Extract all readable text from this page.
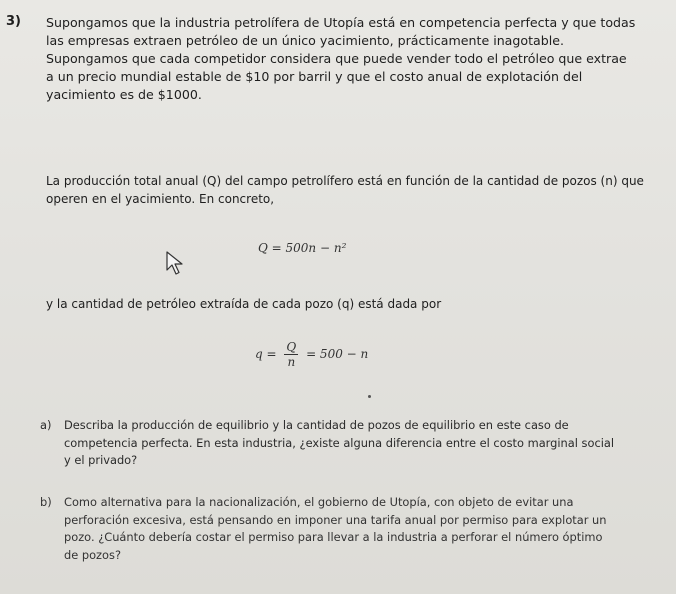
3) Supongamos que la industria petrolífera de Utopía está en competencia perfecta y que todas las empresas extraen petróleo de un único yacimiento, prácticamente inagotable. Supongamos que cada competidor considera que puede vender todo el petróleo que extrae a un precio mundial estable de $10 por barril y que el costo anual de explotación del yacimiento es de $1000.
La producción total anual (Q) del campo petrolífero está en función de la cantidad de pozos (n) que operen en el yacimiento. En concreto,
Q = 500n − n²
y la cantidad de petróleo extraída de cada pozo (q) está dada por
$q = \frac{Q}{n} = 500 - n$
a) Describa la producción de equilibrio y la cantidad de pozos de equilibrio en este caso de competencia perfecta. En esta industria, ¿existe alguna diferencia entre el costo marginal social y el privado?
b) Como alternativa para la nacionalización, el gobierno de Utopía, con objeto de evitar una perforación excesiva, está pensando en imponer una tarifa anual por permiso para explotar un pozo. ¿Cuánto debería costar el permiso para llevar a la industria a perforar el número óptimo de pozos?
